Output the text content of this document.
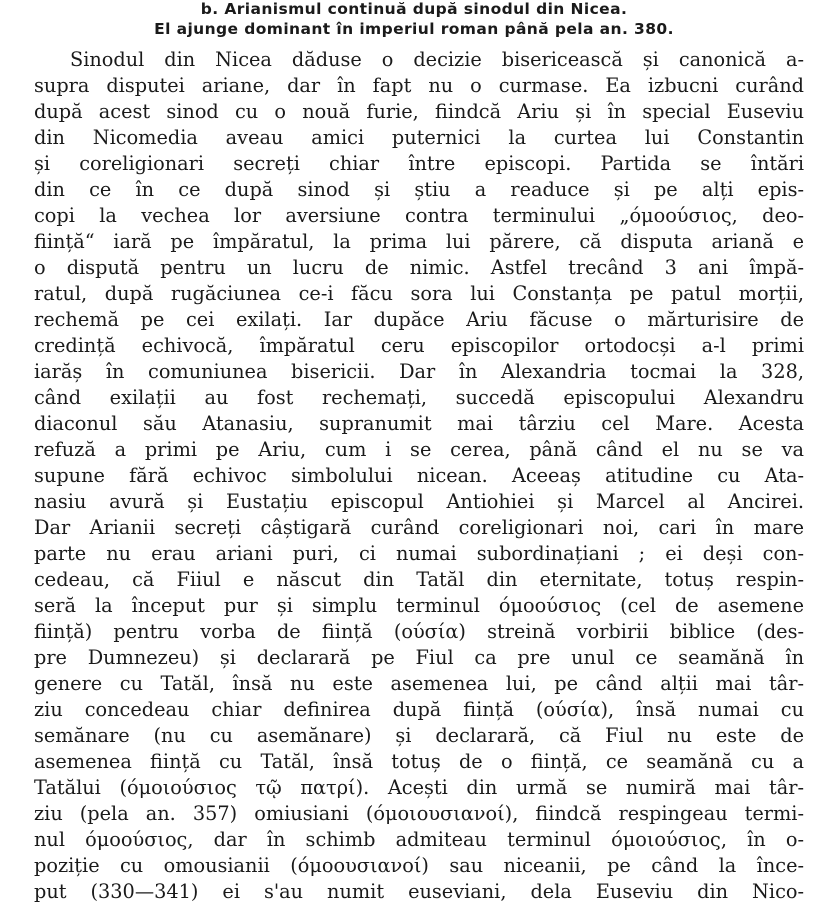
b. Arianismul continuă după sinodul din Nicea.
El ajunge dominant în imperiul roman până pela an. 380.
Sinodul din Nicea dăduse o decizie bisericească și canonică a-
supra disputei ariane, dar în fapt nu o curmase. Ea izbucni curând
după acest sinod cu o nouă furie, fiindcă Ariu și în special Euseviu
din Nicomedia aveau amici puternici la curtea lui Constantin
și coreligionari secreți chiar între episcopi. Partida se întări
din ce în ce după sinod și știu a readuce și pe alți epis-
copi la vechea lor aversiune contra terminului „όμοούσιος, deo-
ființă“ iară pe împăratul, la prima lui părere, că disputa ariană e
o dispută pentru un lucru de nimic. Astfel trecând 3 ani împă-
ratul, după rugăciunea ce-i făcu sora lui Constanța pe patul morții,
rechemă pe cei exilați. Iar dupăce Ariu făcuse o mărturisire de
credință echivocă, împăratul ceru episcopilor ortodocși a-l primi
iarăș în comuniunea bisericii. Dar în Alexandria tocmai la 328,
când exilații au fost rechemați, succedă episcopului Alexandru
diaconul său Atanasiu, supranumit mai târziu cel Mare. Acesta
refuză a primi pe Ariu, cum i se cerea, până când el nu se va
supune fără echivoc simbolului nicean. Aceeaș atitudine cu Ata-
nasiu avură și Eustațiu episcopul Antiohiei și Marcel al Ancirei.
Dar Arianii secreți câștigară curând coreligionari noi, cari în mare
parte nu erau ariani puri, ci numai subordinațiani ; ei deși con-
cedeau, că Fiiul e născut din Tatăl din eternitate, totuș respin-
seră la început pur și simplu terminul όμοούσιος (cel de asemene
ființă) pentru vorba de ființă (ούσία) streină vorbirii biblice (des-
pre Dumnezeu) și declarară pe Fiul ca pre unul ce seamănă în
genere cu Tatăl, însă nu este asemenea lui, pe când alții mai târ-
ziu concedeau chiar definirea după ființă (ούσία), însă numai cu
semănare (nu cu asemănare) și declarară, că Fiul nu este de
asemenea ființă cu Tatăl, însă totuș de o ființă, ce seamănă cu a
Tatălui (όμοιούσιος τῷ πατρί). Acești din urmă se numiră mai târ-
ziu (pela an. 357) omiusiani (όμοιουσιανοί), fiindcă respingeau termi-
nul όμοούσιος, dar în schimb admiteau terminul όμοιούσιος, în o-
poziție cu omousianii (όμοουσιανοί) sau niceanii, pe când la înce-
put (330—341) ei s'au numit euseviani, dela Euseviu din Nico-
